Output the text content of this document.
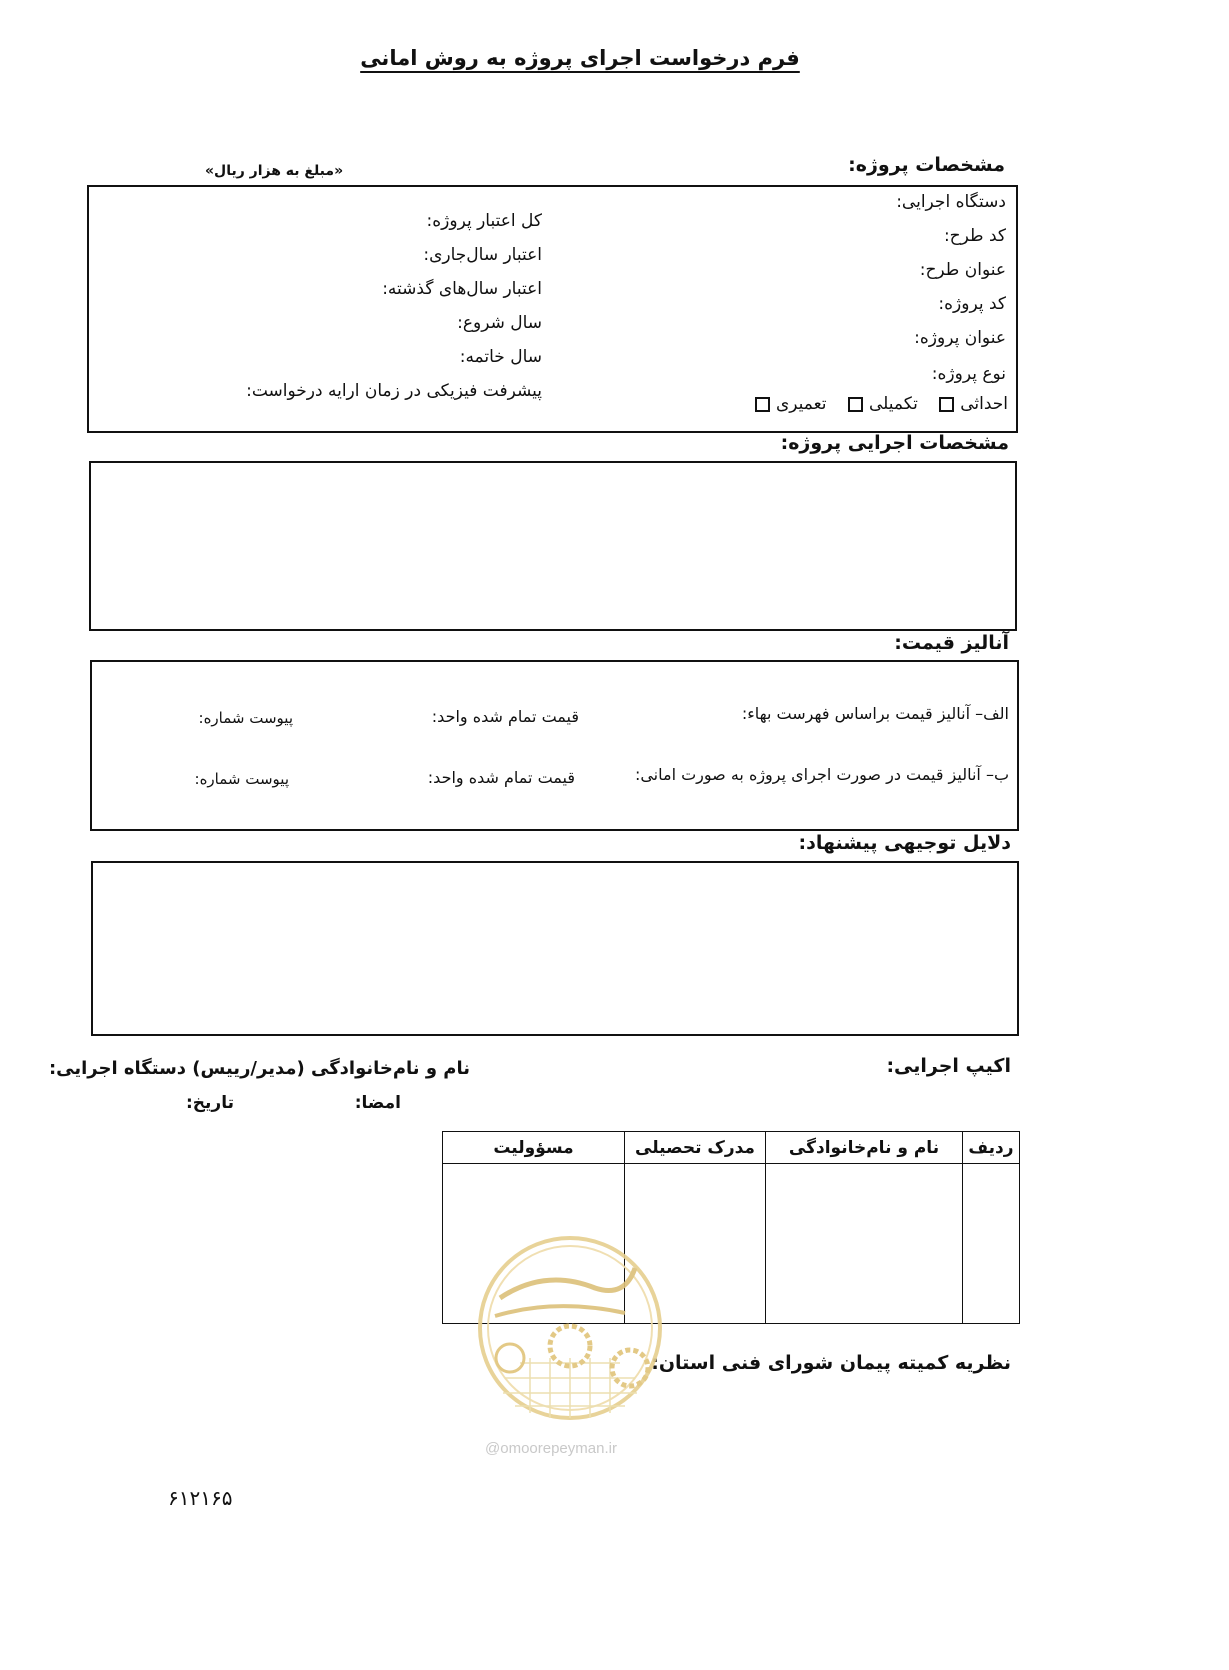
فرم درخواست اجرای پروژه به روش امانی
مشخصات پروژه:
«مبلغ به هزار ریال»
دستگاه اجرایی:
کد طرح:
عنوان طرح:
کد پروژه:
عنوان پروژه:
نوع پروژه:
احداثی تکمیلی تعمیری
کل اعتبار پروژه:
اعتبار سال‌جاری:
اعتبار سال‌های گذشته:
سال شروع:
سال خاتمه:
پیشرفت فیزیکی در زمان ارایه درخواست:
مشخصات اجرایی پروژه:
آنالیز قیمت:
الف– آنالیز قیمت براساس فهرست بهاء:
قیمت تمام شده واحد:
پیوست شماره:
ب– آنالیز قیمت در صورت اجرای پروژه به صورت امانی:
قیمت تمام شده واحد:
پیوست شماره:
دلایل توجیهی پیشنهاد:
اکیپ اجرایی:
نام و نام‌خانوادگی (مدیر/رییس) دستگاه اجرایی:
امضا:
تاریخ:
ردیف	نام و نام‌خانوادگی	مدرک تحصیلی	مسؤولیت

نظریه کمیته پیمان شورای فنی استان:
@omoorepeyman.ir
۶۱۲۱۶۵
